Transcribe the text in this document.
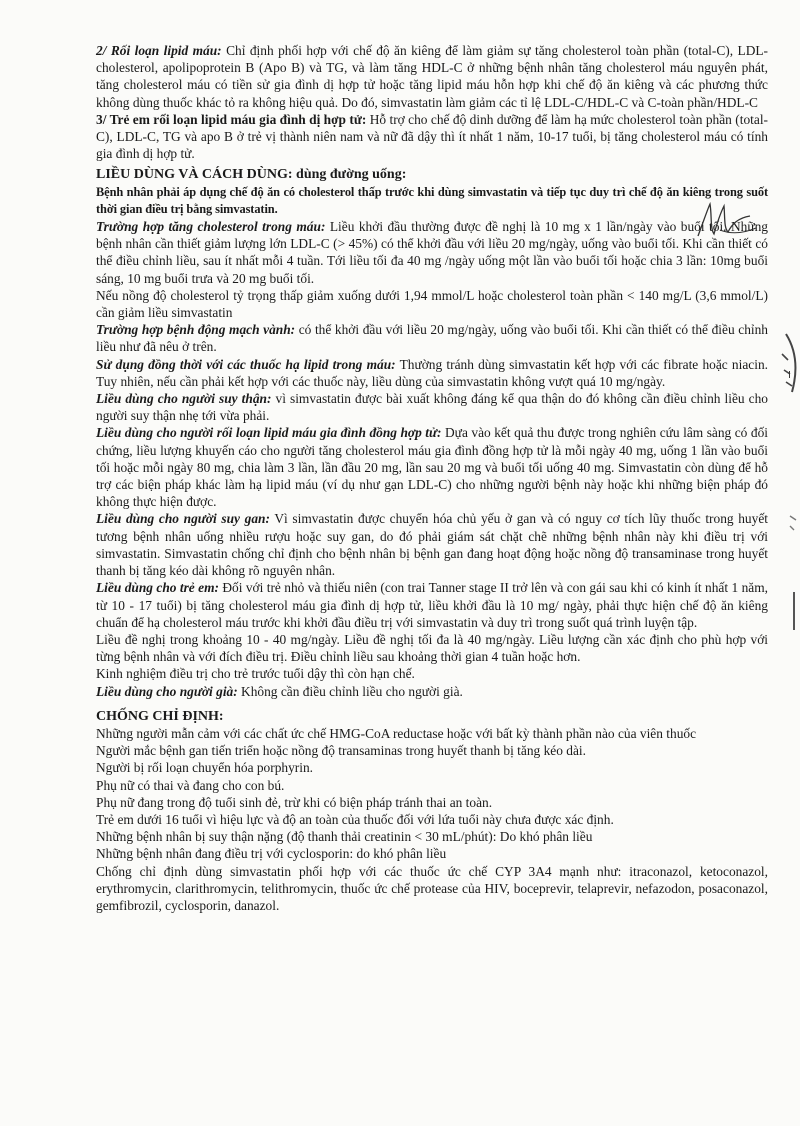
2/ Rối loạn lipid máu: Chỉ định phối hợp với chế độ ăn kiêng để làm giảm sự tăng cholesterol toàn phần (total-C), LDL-cholesterol, apolipoprotein B (Apo B) và TG, và làm tăng HDL-C ở những bệnh nhân tăng cholesterol máu nguyên phát, tăng cholesterol máu có tiền sử gia đình dị hợp tử hoặc tăng lipid máu hỗn hợp khi chế độ ăn kiêng và các phương thức không dùng thuốc khác tỏ ra không hiệu quả. Do đó, simvastatin làm giảm các tỉ lệ LDL-C/HDL-C và C-toàn phần/HDL-C

3/ Trẻ em rối loạn lipid máu gia đình dị hợp tử: Hỗ trợ cho chế độ dinh dưỡng để làm hạ mức cholesterol toàn phần (total-C), LDL-C, TG và apo B ở trẻ vị thành niên nam và nữ đã dậy thì ít nhất 1 năm, 10-17 tuổi, bị tăng cholesterol máu có tính gia đình dị hợp tử.

LIỀU DÙNG VÀ CÁCH DÙNG: dùng đường uống:

Bệnh nhân phải áp dụng chế độ ăn có cholesterol thấp trước khi dùng simvastatin và tiếp tục duy trì chế độ ăn kiêng trong suốt thời gian điều trị bằng simvastatin.

Trường hợp tăng cholesterol trong máu: Liều khởi đầu thường được đề nghị là 10 mg x 1 lần/ngày vào buổi tối. Những bệnh nhân cần thiết giảm lượng lớn LDL-C (> 45%) có thể khởi đầu với liều 20 mg/ngày, uống vào buổi tối. Khi cần thiết có thể điều chỉnh liều, sau ít nhất mỗi 4 tuần. Tới liều tối đa 40 mg /ngày uống một lần vào buổi tối hoặc chia 3 lần: 10mg buổi sáng, 10 mg buổi trưa và 20 mg buổi tối.

Nếu nồng độ cholesterol tỷ trọng thấp giảm xuống dưới 1,94 mmol/L hoặc cholesterol toàn phần < 140 mg/L (3,6 mmol/L) cần giảm liều simvastatin

Trường hợp bệnh động mạch vành: có thể khởi đầu với liều 20 mg/ngày, uống vào buổi tối. Khi cần thiết có thể điều chỉnh liều như đã nêu ở trên.

Sử dụng đồng thời với các thuốc hạ lipid trong máu: Thường tránh dùng simvastatin kết hợp với các fibrate hoặc niacin. Tuy nhiên, nếu cần phải kết hợp với các thuốc này, liều dùng của simvastatin không vượt quá 10 mg/ngày.

Liều dùng cho người suy thận: vì simvastatin được bài xuất không đáng kể qua thận do đó không cần điều chỉnh liều cho người suy thận nhẹ tới vừa phải.

Liều dùng cho người rối loạn lipid máu gia đình đồng hợp tử: Dựa vào kết quả thu được trong nghiên cứu lâm sàng có đối chứng, liều lượng khuyến cáo cho người tăng cholesterol máu gia đình đồng hợp tử là mỗi ngày 40 mg, uống 1 lần vào buổi tối hoặc mỗi ngày 80 mg, chia làm 3 lần, lần đầu 20 mg, lần sau 20 mg và buổi tối uống 40 mg. Simvastatin còn dùng để hỗ trợ các biện pháp khác làm hạ lipid máu (ví dụ như gạn LDL-C) cho những người bệnh này hoặc khi những biện pháp đó không thực hiện được.

Liều dùng cho người suy gan: Vì simvastatin được chuyển hóa chủ yếu ở gan và có nguy cơ tích lũy thuốc trong huyết tương bệnh nhân uống nhiều rượu hoặc suy gan, do đó phải giám sát chặt chẽ những bệnh nhân này khi điều trị với simvastatin. Simvastatin chống chỉ định cho bệnh nhân bị bệnh gan đang hoạt động hoặc nồng độ transaminase trong huyết thanh bị tăng kéo dài không rõ nguyên nhân.

Liều dùng cho trẻ em: Đối với trẻ nhỏ và thiếu niên (con trai Tanner stage II trở lên và con gái sau khi có kinh ít nhất 1 năm, từ 10 - 17 tuổi) bị tăng cholesterol máu gia đình dị hợp tử, liều khởi đầu là 10 mg/ ngày, phải thực hiện chế độ ăn kiêng chuẩn để hạ cholesterol máu trước khi khởi đầu điều trị với simvastatin và duy trì trong suốt quá trình luyện tập.

Liều đề nghị trong khoảng 10 - 40 mg/ngày. Liều đề nghị tối đa là 40 mg/ngày. Liều lượng cần xác định cho phù hợp với từng bệnh nhân và với đích điều trị. Điều chỉnh liều sau khoảng thời gian 4 tuần hoặc hơn.

Kinh nghiệm điều trị cho trẻ trước tuổi dậy thì còn hạn chế.

Liều dùng cho người già: Không cần điều chỉnh liều cho người già.

CHỐNG CHỈ ĐỊNH:

Những người mẫn cảm với các chất ức chế HMG-CoA reductase hoặc với bất kỳ thành phần nào của viên thuốc

Người mắc bệnh gan tiến triển hoặc nồng độ transaminas trong huyết thanh bị tăng kéo dài.

Người bị rối loạn chuyển hóa porphyrin.

Phụ nữ có thai và đang cho con bú.

Phụ nữ đang trong độ tuổi sinh đẻ, trừ khi có biện pháp tránh thai an toàn.

Trẻ em dưới 16 tuổi vì hiệu lực và độ an toàn của thuốc đối với lứa tuổi này chưa được xác định.

Những bệnh nhân bị suy thận nặng (độ thanh thải creatinin < 30 mL/phút): Do khó phân liều

Những bệnh nhân đang điều trị với cyclosporin: do khó phân liều

Chống chỉ định dùng simvastatin phối hợp với các thuốc ức chế CYP 3A4 mạnh như: itraconazol, ketoconazol, erythromycin, clarithromycin, telithromycin, thuốc ức chế protease của HIV, boceprevir, telaprevir, nefazodon, posaconazol, gemfibrozil, cyclosporin, danazol.

I
